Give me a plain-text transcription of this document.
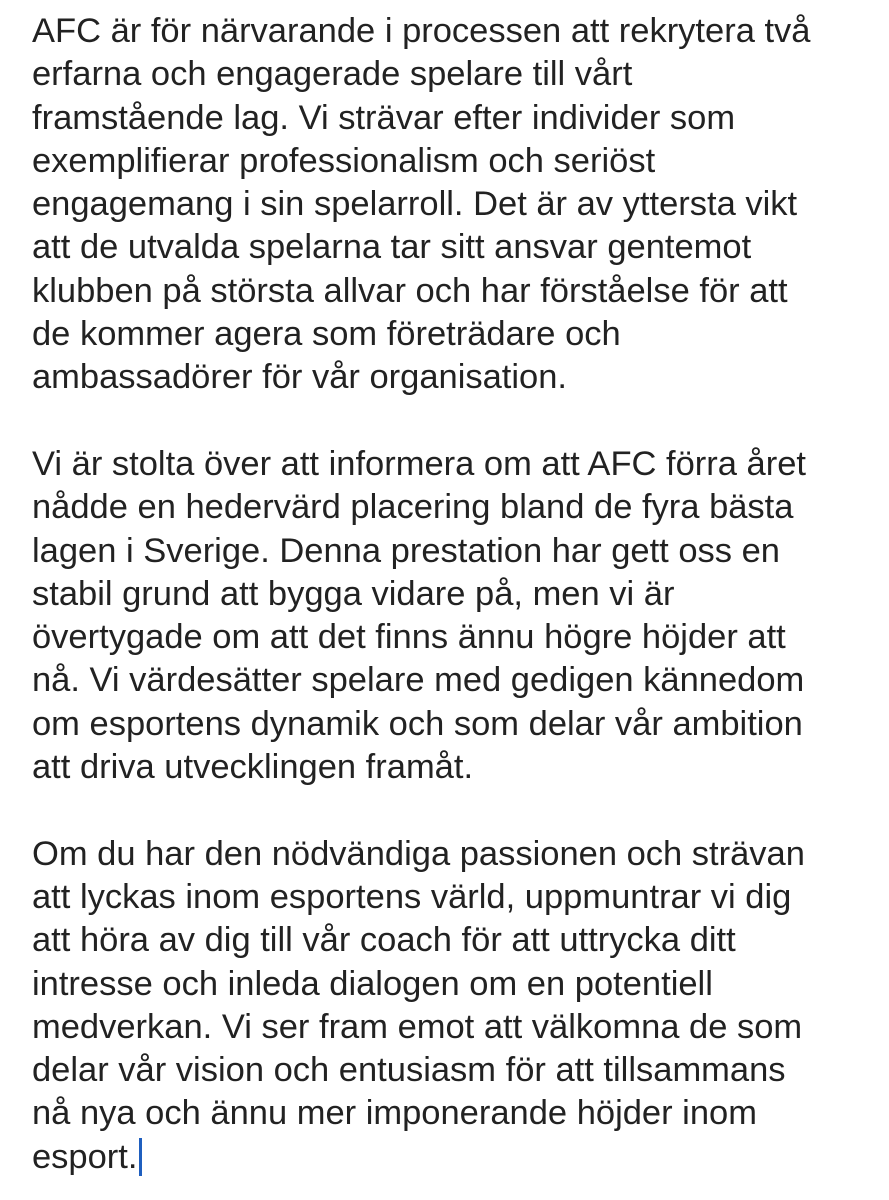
AFC är för närvarande i processen att rekrytera två
erfarna och engagerade spelare till vårt
framstående lag. Vi strävar efter individer som
exemplifierar professionalism och seriöst
engagemang i sin spelarroll. Det är av yttersta vikt
att de utvalda spelarna tar sitt ansvar gentemot
klubben på största allvar och har förståelse för att
de kommer agera som företrädare och
ambassadörer för vår organisation.

Vi är stolta över att informera om att AFC förra året
nådde en hedervärd placering bland de fyra bästa
lagen i Sverige. Denna prestation har gett oss en
stabil grund att bygga vidare på, men vi är
övertygade om att det finns ännu högre höjder att
nå. Vi värdesätter spelare med gedigen kännedom
om esportens dynamik och som delar vår ambition
att driva utvecklingen framåt.

Om du har den nödvändiga passionen och strävan
att lyckas inom esportens värld, uppmuntrar vi dig
att höra av dig till vår coach för att uttrycka ditt
intresse och inleda dialogen om en potentiell
medverkan. Vi ser fram emot att välkomna de som
delar vår vision och entusiasm för att tillsammans
nå nya och ännu mer imponerande höjder inom
esport.
